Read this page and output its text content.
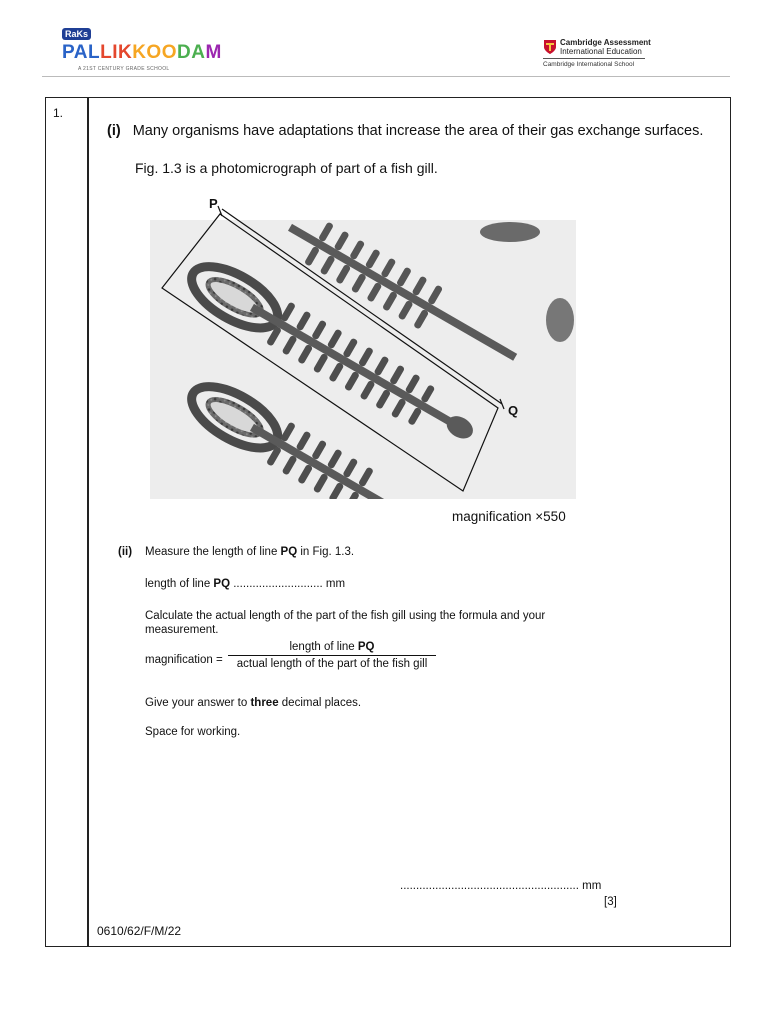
RaKs
PALLIKKOODAM
A 21ST CENTURY GRADE SCHOOL
Cambridge Assessment
International Education
Cambridge International School
1.
(i) Many organisms have adaptations that increase the area of their gas exchange surfaces.
Fig. 1.3 is a photomicrograph of part of a fish gill.
P
Q
magnification ×550
(ii) Measure the length of line PQ in Fig. 1.3.
length of line PQ ............................ mm
Calculate the actual length of the part of the fish gill using the formula and your measurement.
magnification =
length of line PQ
actual length of the part of the fish gill
Give your answer to three decimal places.
Space for working.
........................................................ mm
[3]
0610/62/F/M/22
